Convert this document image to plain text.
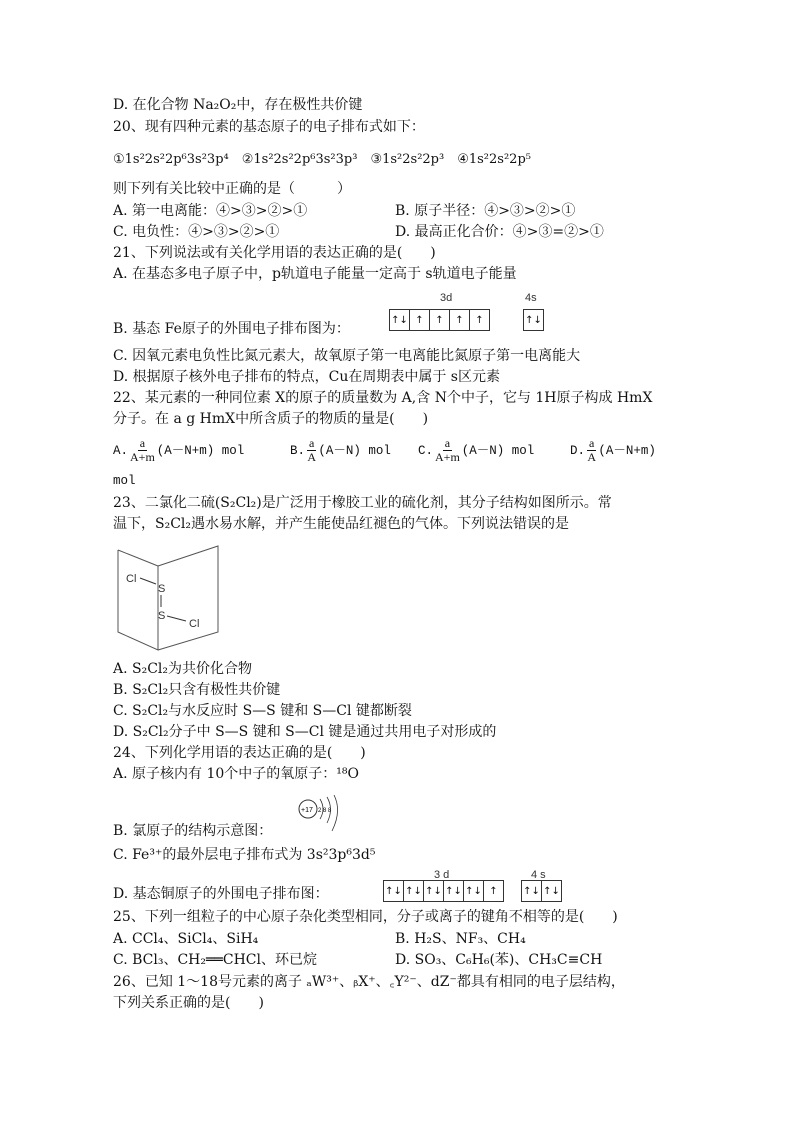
D. 在化合物 Na₂O₂中，存在极性共价键
20、现有四种元素的基态原子的电子排布式如下：
①1s²2s²2p⁶3s²3p⁴　②1s²2s²2p⁶3s²3p³　③1s²2s²2p³　④1s²2s²2p⁵
则下列有关比较中正确的是（　　　）
A. 第一电离能：④>③>②>①	B. 原子半径：④>③>②>①
C. 电负性：④>③>②>①	D. 最高正化合价：④>③=②>①
21、下列说法或有关化学用语的表达正确的是(　　)
A. 在基态多电子原子中，p轨道电子能量一定高于 s轨道电子能量
3d	4s
B. 基态 Fe原子的外围电子排布图为：
↑↓ ↑	↑	↑	↑	↑↓
C. 因氧元素电负性比氮元素大，故氧原子第一电离能比氮原子第一电离能大
D. 根据原子核外电子排布的特点，Cu在周期表中属于 s区元素
22、某元素的一种同位素 X的原子的质量数为 A,含 N个中子，它与 1H原子构成 HmX
分子。在 a g HmX中所含质子的物质的量是(　　)
A. $\frac{a}{A+m} (A-N+m)$ mol	B. $\frac{a}{A} (A-N)$ mol C. $\frac{a}{A+m} (A-N)$ mol	D. $\frac{a}{A} (A-N+m)$
mol
23、二氯化二硫(S₂Cl₂)是广泛用于橡胶工业的硫化剂，其分子结构如图所示。常
温下，S₂Cl₂遇水易水解，并产生能使品红褪色的气体。下列说法错误的是
Cl
S
S
Cl
A. S₂Cl₂为共价化合物
B. S₂Cl₂只含有极性共价键
C. S₂Cl₂与水反应时 S—S 键和 S—Cl 键都断裂
D. S₂Cl₂分子中 S—S 键和 S—Cl 键是通过共用电子对形成的
24、下列化学用语的表达正确的是(　　)
A. 原子核内有 10个中子的氧原子：¹⁸O
+17 2 8 8
B. 氯原子的结构示意图：
C. Fe³⁺的最外层电子排布式为 3s²3p⁶3d⁵
3 d	4 s
D. 基态铜原子的外围电子排布图：	↑↓ ↑↓ ↑↓ ↑↓ ↑↓ ↑	↑↓ ↑↓
25、下列一组粒子的中心原子杂化类型相同，分子或离子的键角不相等的是(　　)
A. CCl₄、SiCl₄、SiH₄	B. H₂S、NF₃、CH₄
C. BCl₃、CH₂══CHCl、环已烷	D. SO₃、C₆H₆(苯)、CH₃C≡CH
26、已知 1～18号元素的离子 ₐW³⁺、ᵦX⁺、꜀Y²⁻、dZ⁻都具有相同的电子层结构，
下列关系正确的是(　　)
